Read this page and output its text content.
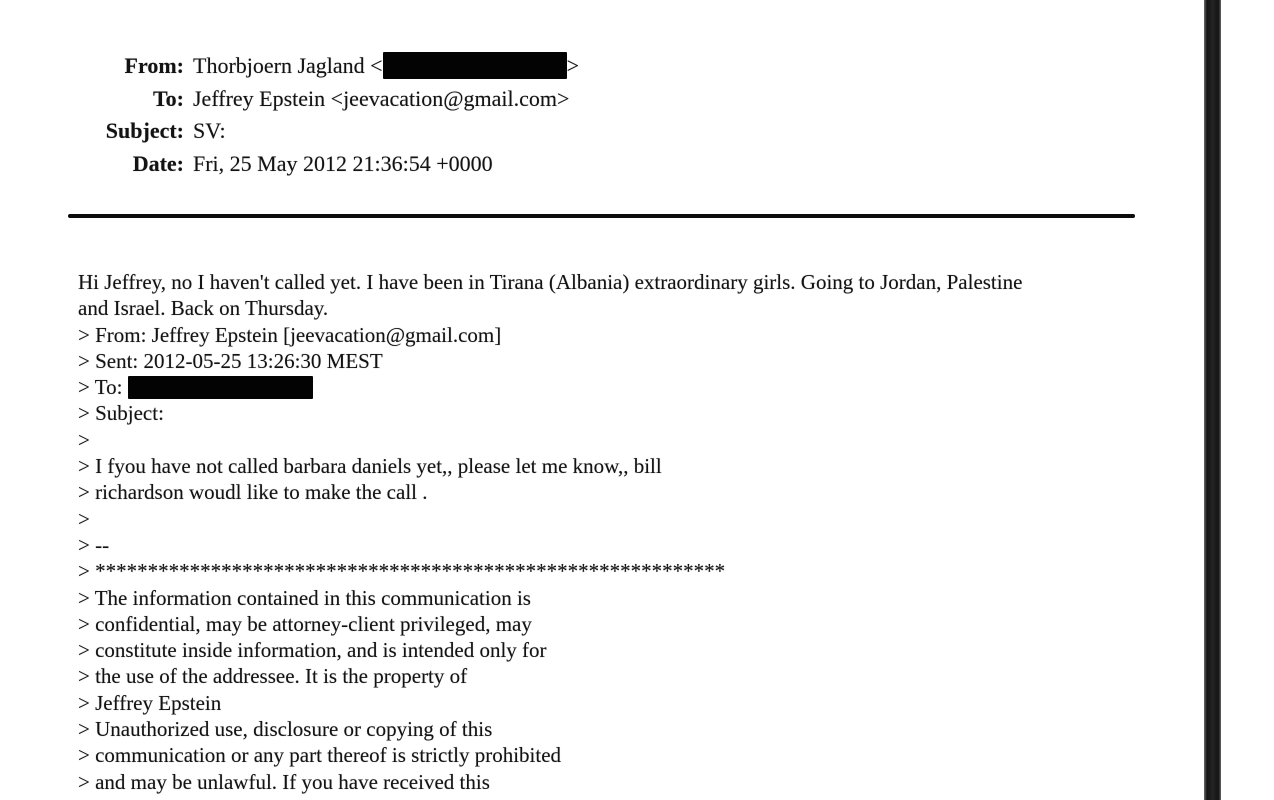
From: Thorbjoern Jagland <	>
To: Jeffrey Epstein <jeevacation@gmail.com>
Subject: SV:
Date: Fri, 25 May 2012 21:36:54 +0000
Hi Jeffrey, no I haven't called yet. I have been in Tirana (Albania) extraordinary girls. Going to Jordan, Palestine
and Israel. Back on Thursday.
> From: Jeffrey Epstein [jeevacation@gmail.com]
> Sent: 2012-05-25 13:26:30 MEST
> To:
> Subject:
>
> I fyou have not called barbara daniels yet,, please let me know,, bill
> richardson woudl like to make the call .
>
> --
> ************************************************************
> The information contained in this communication is
> confidential, may be attorney-client privileged, may
> constitute inside information, and is intended only for
> the use of the addressee. It is the property of
> Jeffrey Epstein
> Unauthorized use, disclosure or copying of this
> communication or any part thereof is strictly prohibited
> and may be unlawful. If you have received this
